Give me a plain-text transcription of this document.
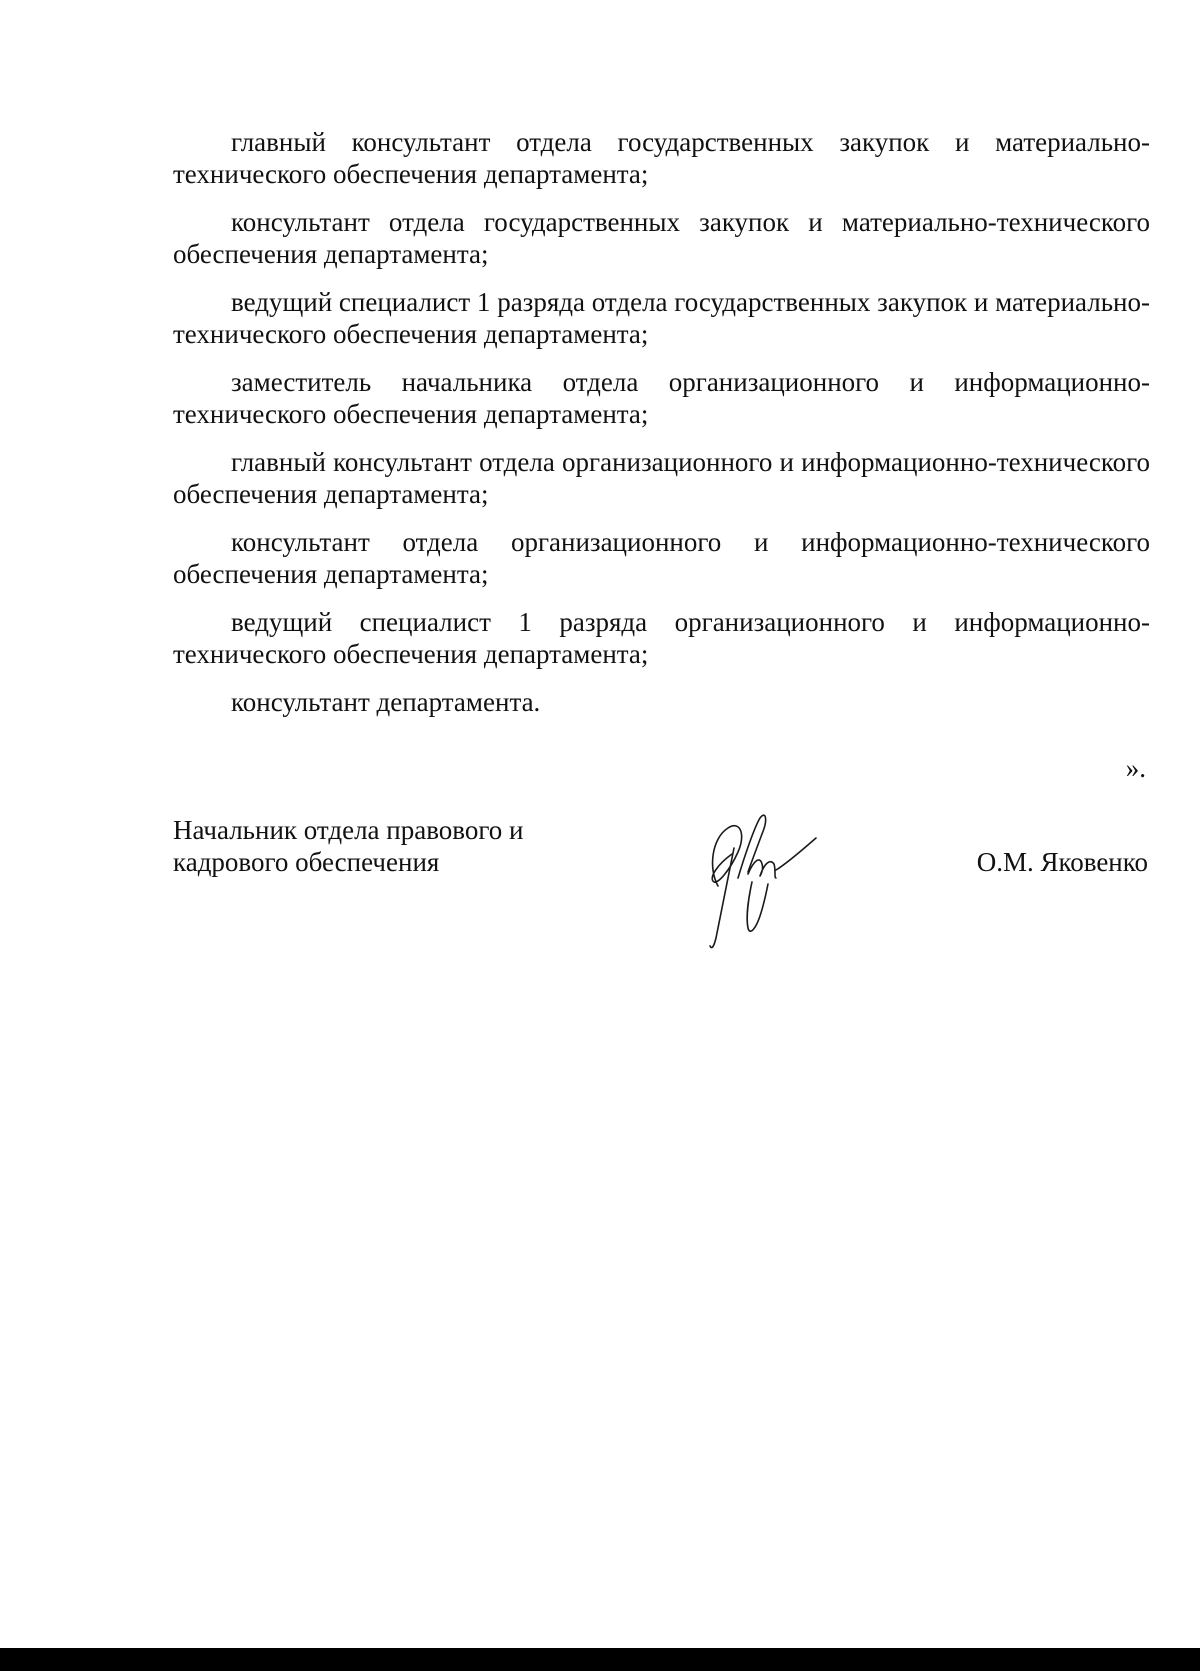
главный консультант отдела государственных закупок и материально-технического обеспечения департамента;

консультант отдела государственных закупок и материально-технического обеспечения департамента;

ведущий специалист 1 разряда отдела государственных закупок и материально-технического обеспечения департамента;

заместитель начальника отдела организационного и информационно-технического обеспечения департамента;

главный консультант отдела организационного и информационно-технического обеспечения департамента;

консультант отдела организационного и информационно-технического обеспечения департамента;

ведущий специалист 1 разряда организационного и информационно-технического обеспечения департамента;

консультант департамента.

».
Начальник отдела правового и
кадрового обеспечения	О.М. Яковенко
